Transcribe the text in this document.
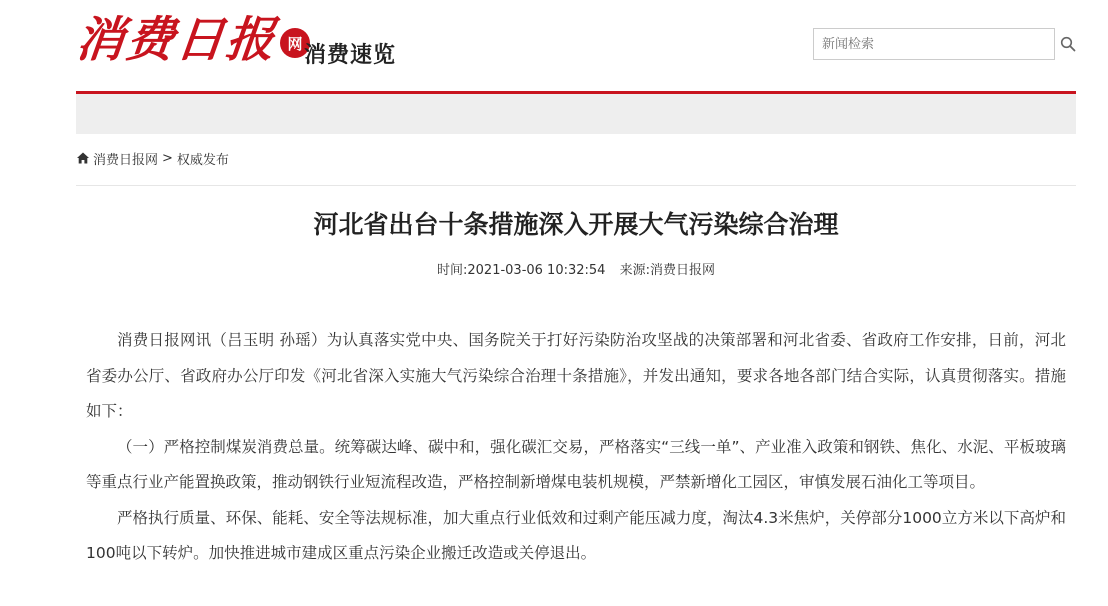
消费日报 网 消费速览
新闻检索
消费日报网 > 权威发布
河北省出台十条措施深入开展大气污染综合治理
时间:2021-03-06 10:32:54 来源:消费日报网

消费日报网讯（吕玉明 孙瑶）为认真落实党中央、国务院关于打好污染防治攻坚战的决策部署和河北省委、省政府工作安排，日前，河北省委办公厅、省政府办公厅印发《河北省深入实施大气污染综合治理十条措施》，并发出通知，要求各地各部门结合实际，认真贯彻落实。措施如下：

（一）严格控制煤炭消费总量。统筹碳达峰、碳中和，强化碳汇交易，严格落实“三线一单”、产业准入政策和钢铁、焦化、水泥、平板玻璃等重点行业产能置换政策，推动钢铁行业短流程改造，严格控制新增煤电装机规模，严禁新增化工园区，审慎发展石油化工等项目。

严格执行质量、环保、能耗、安全等法规标准，加大重点行业低效和过剩产能压减力度，淘汰4.3米焦炉，关停部分1000立方米以下高炉和100吨以下转炉。加快推进城市建成区重点污染企业搬迁改造或关停退出。
